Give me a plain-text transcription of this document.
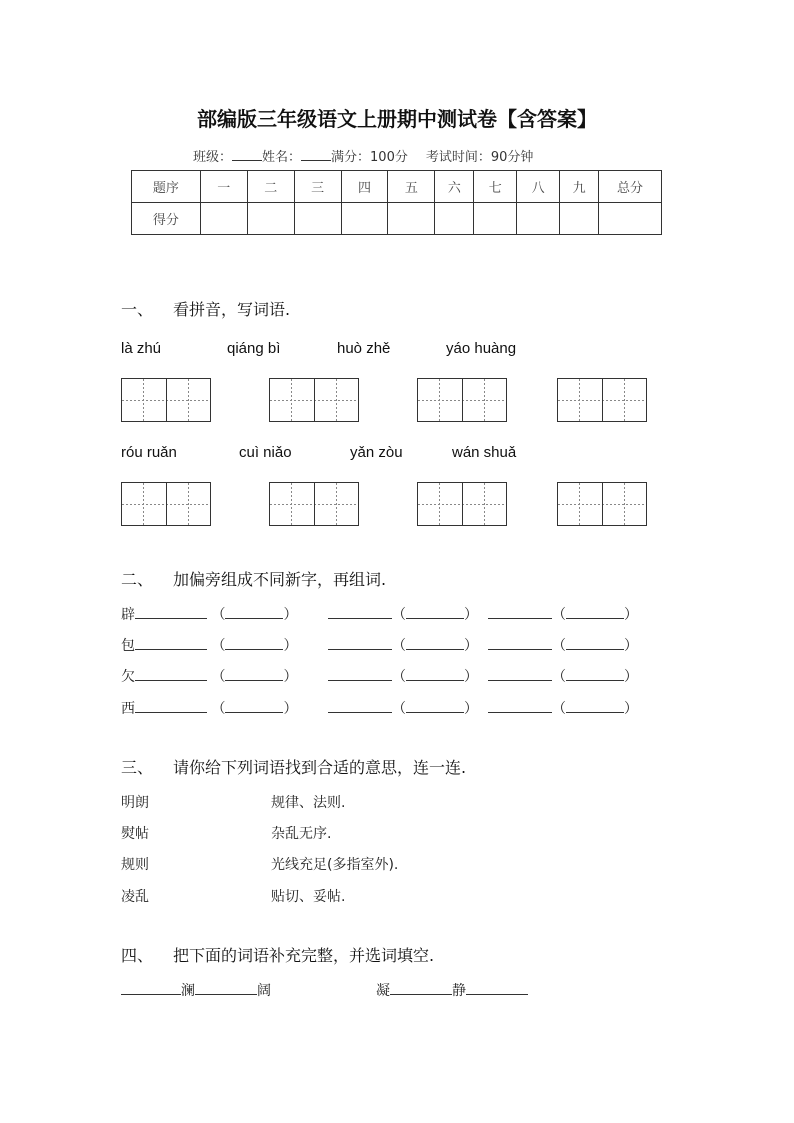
部编版三年级语文上册期中测试卷【含答案】
班级： 姓名： 满分：100分 考试时间：90分钟
题序	一	二	三	四	五	六	七	八	九	总分
得分										
一、 看拼音，写词语.
là zhú	qiáng bì	huò zhě	yáo huàng
róu ruǎn	cuì niǎo	yǎn zòu	wán shuǎ
二、 加偏旁组成不同新字，再组词.
辟	（	）	（	）	（	）
包	（	）	（	）	（	）
欠	（	）	（	）	（	）
西	（	）	（	）	（	）
三、 请你给下列词语找到合适的意思，连一连.
明朗	规律、法则.
熨帖	杂乱无序.
规则	光线充足(多指室外).
凌乱	贴切、妥帖.
四、 把下面的词语补充完整，并选词填空.
澜	阔	凝	静
